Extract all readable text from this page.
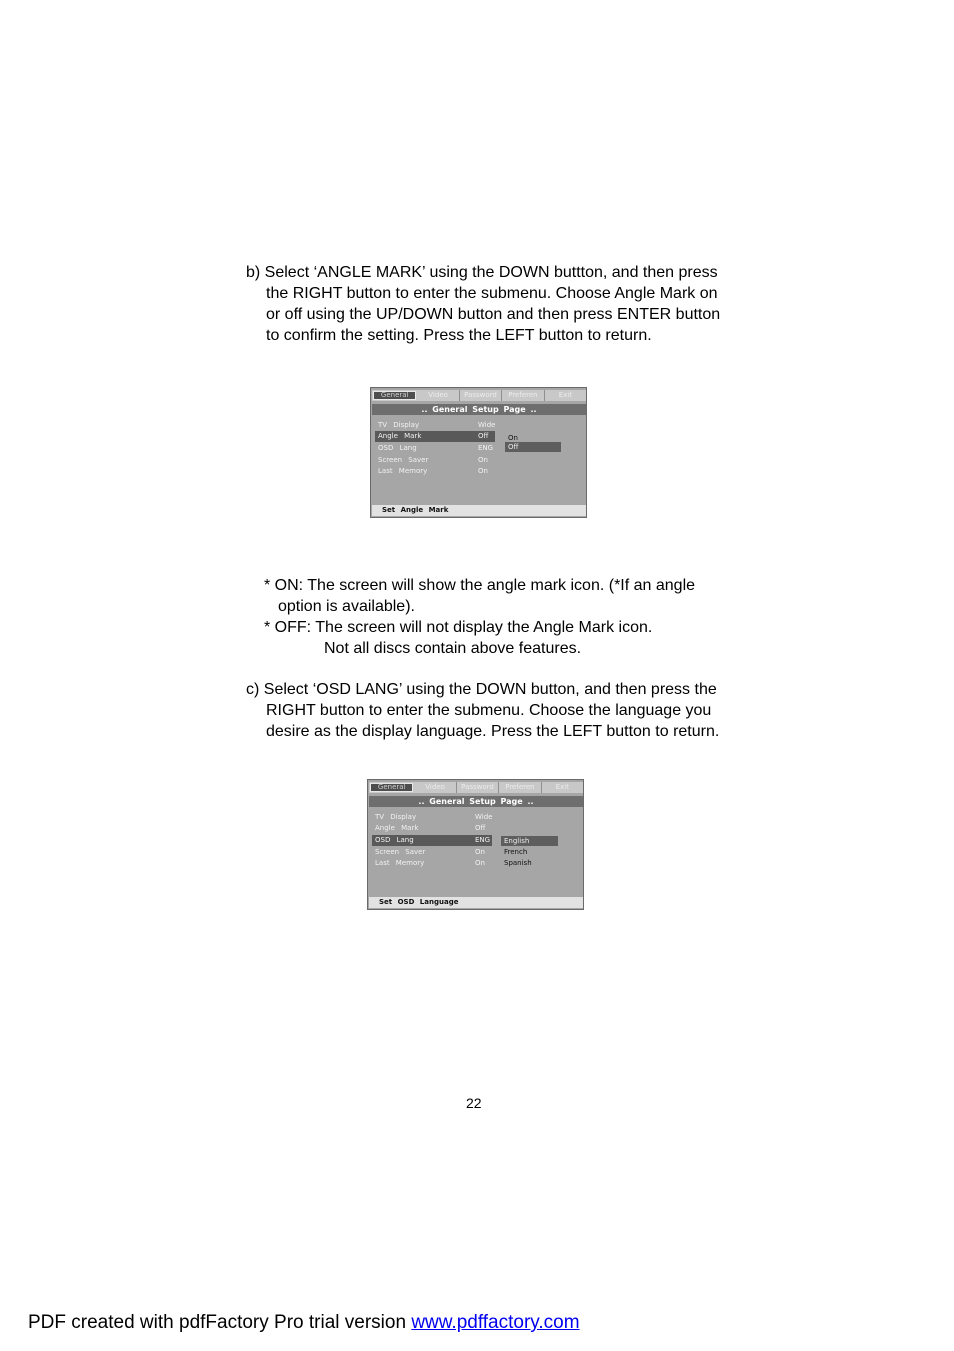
b) Select ‘ANGLE MARK’ using the DOWN buttton, and then press
the RIGHT button to enter the submenu. Choose Angle Mark on
or off using the UP/DOWN button and then press ENTER button
to confirm the setting. Press the LEFT button to return.
General	Video	Password	Preferen	Exit
.. General Setup Page ..
TV Display	Wide
Angle Mark	Off
OSD Lang	ENG
Screen Saver	On
Last Memory	On
On
Off
Set Angle Mark
* ON: The screen will show the angle mark icon. (*If an angle
option is available).
* OFF: The screen will not display the Angle Mark icon.
Not all discs contain above features.
c) Select ‘OSD LANG’ using the DOWN button, and then press the
RIGHT button to enter the submenu. Choose the language you
desire as the display language. Press the LEFT button to return.
General	Video	Password	Preferen	Exit
.. General Setup Page ..
TV Display	Wide
Angle Mark	Off
OSD Lang	ENG
Screen Saver	On
Last Memory	On
English
French
Spanish
Set OSD Language
22
PDF created with pdfFactory Pro trial version www.pdffactory.com
